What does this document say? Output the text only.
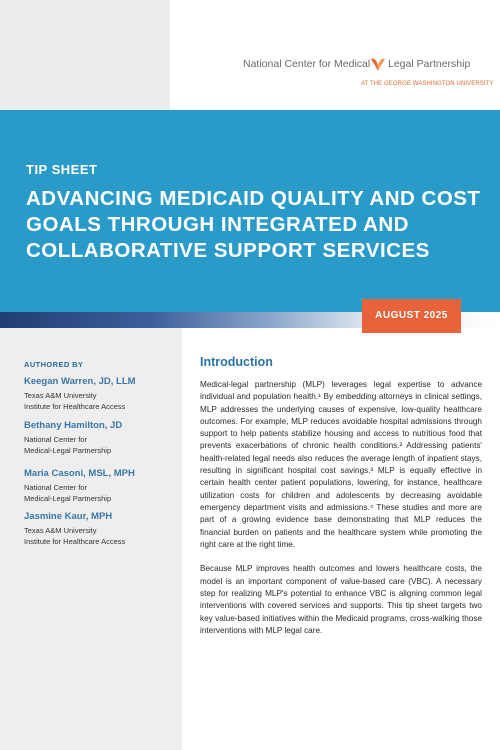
National Center for Medical Legal Partnership
AT THE GEORGE WASHINGTON UNIVERSITY
TIP SHEET
ADVANCING MEDICAID QUALITY AND COST GOALS THROUGH INTEGRATED AND COLLABORATIVE SUPPORT SERVICES
AUGUST 2025
AUTHORED BY
Keegan Warren, JD, LLM
Texas A&M University
Institute for Healthcare Access
Bethany Hamilton, JD
National Center for
Medical-Legal Partnership
Maria Casoni, MSL, MPH
National Center for
Medical-Legal Partnership
Jasmine Kaur, MPH
Texas A&M University
Institute for Healthcare Access
Introduction

Medical-legal partnership (MLP) leverages legal expertise to advance individual and population health.¹ By embedding attorneys in clinical settings, MLP addresses the underlying causes of expensive, low-quality healthcare outcomes. For example, MLP reduces avoidable hospital admissions through support to help patients stabilize housing and access to nutritious food that prevents exacerbations of chronic health conditions.² Addressing patients' health-related legal needs also reduces the average length of inpatient stays, resulting in significant hospital cost savings.³ MLP is equally effective in certain health center patient populations, lowering, for instance, healthcare utilization costs for children and adolescents by decreasing avoidable emergency department visits and admissions.⁴ These studies and more are part of a growing evidence base demonstrating that MLP reduces the financial burden on patients and the healthcare system while promoting the right care at the right time.

Because MLP improves health outcomes and lowers healthcare costs, the model is an important component of value-based care (VBC). A necessary step for realizing MLP's potential to enhance VBC is aligning common legal interventions with covered services and supports. This tip sheet targets two key value-based initiatives within the Medicaid programs, cross-walking those interventions with MLP legal care.
